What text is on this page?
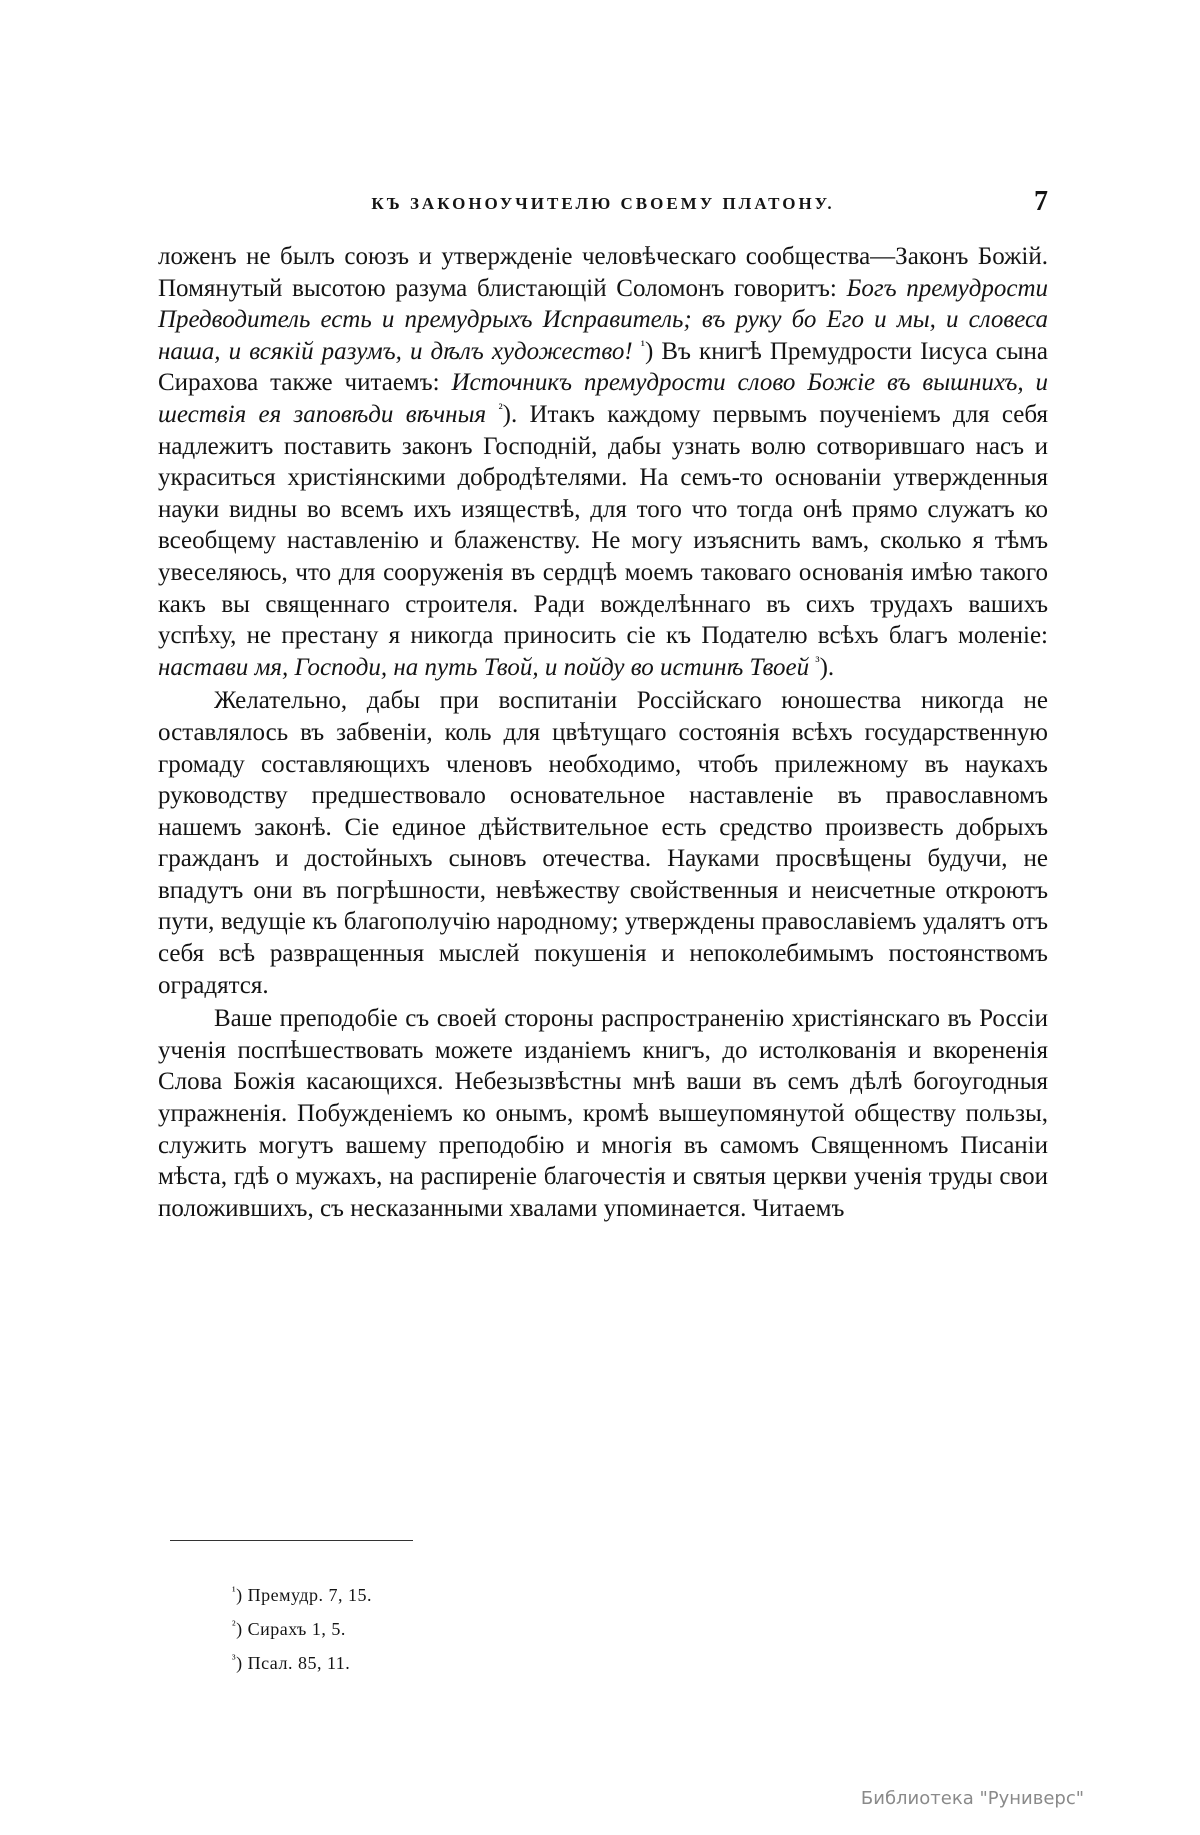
КЪ ЗАКОНОУЧИТЕЛЮ СВОЕМУ ПЛАТОНУ.	7

ложенъ не былъ союзъ и утвержденіе человѣческаго сообщества—Законъ Божій. Помянутый высотою разума блистающій Соломонъ говоритъ: Богъ премудрости Предводитель есть и премудрыхъ Исправитель; въ руку бо Его и мы, и словеса наша, и всякій разумъ, и дѣлъ художество! $^{^1}$) Въ книгѣ Премудрости Іисуса сына Сирахова также читаемъ: Источникъ премудрости слово Божіе въ вышнихъ, и шествія ея заповѣди вѣчныя $^{^2}$). Итакъ каждому первымъ поученіемъ для себя надлежитъ поставить законъ Господній, дабы узнать волю сотворившаго насъ и украситься христіянскими добродѣтелями. На семъ-то основаніи утвержденныя науки видны во всемъ ихъ изяществѣ, для того что тогда онѣ прямо служатъ ко всеобщему наставленію и блаженству. Не могу изъяснить вамъ, сколько я тѣмъ увеселяюсь, что для сооруженія въ сердцѣ моемъ таковаго основанія имѣю такого какъ вы священнаго строителя. Ради вожделѣннаго въ сихъ трудахъ вашихъ успѣху, не престану я никогда приносить сіе къ Подателю всѣхъ благъ моленіе: настави мя, Господи, на путь Твой, и пойду во истинѣ Твоей $^{^3}$).

Желательно, дабы при воспитаніи Россійскаго юношества никогда не оставлялось въ забвеніи, коль для цвѣтущаго состоянія всѣхъ государственную громаду составляющихъ членовъ необходимо, чтобъ прилежному въ наукахъ руководству предшествовало основательное наставленіе въ православномъ нашемъ законѣ. Сіе единое дѣйствительное есть средство произвесть добрыхъ гражданъ и достойныхъ сыновъ отечества. Науками просвѣщены будучи, не впадутъ они въ погрѣшности, невѣжеству свойственныя и неисчетные откроютъ пути, ведущіе къ благополучію народному; утверждены православіемъ удалятъ отъ себя всѣ развращенныя мыслей покушенія и непоколебимымъ постоянствомъ оградятся.

Ваше преподобіе съ своей стороны распространенію христіянскаго въ Россіи ученія поспѣшествовать можете изданіемъ книгъ, до истолкованія и вкорененія Слова Божія касающихся. Небезызвѣстны мнѣ ваши въ семъ дѣлѣ богоугодныя упражненія. Побужденіемъ ко онымъ, кромѣ вышеупомянутой обществу пользы, служить могутъ вашему преподобію и многія въ самомъ Священномъ Писаніи мѣста, гдѣ о мужахъ, на распиреніе благочестія и святыя церкви ученія труды свои положившихъ, съ несказанными хвалами упоминается. Читаемъ

$^{^1}$) Премудр. 7, 15.
$^{^2}$) Сирахъ 1, 5.
$^{^3}$) Псал. 85, 11.
Библиотека "Руниверс"
